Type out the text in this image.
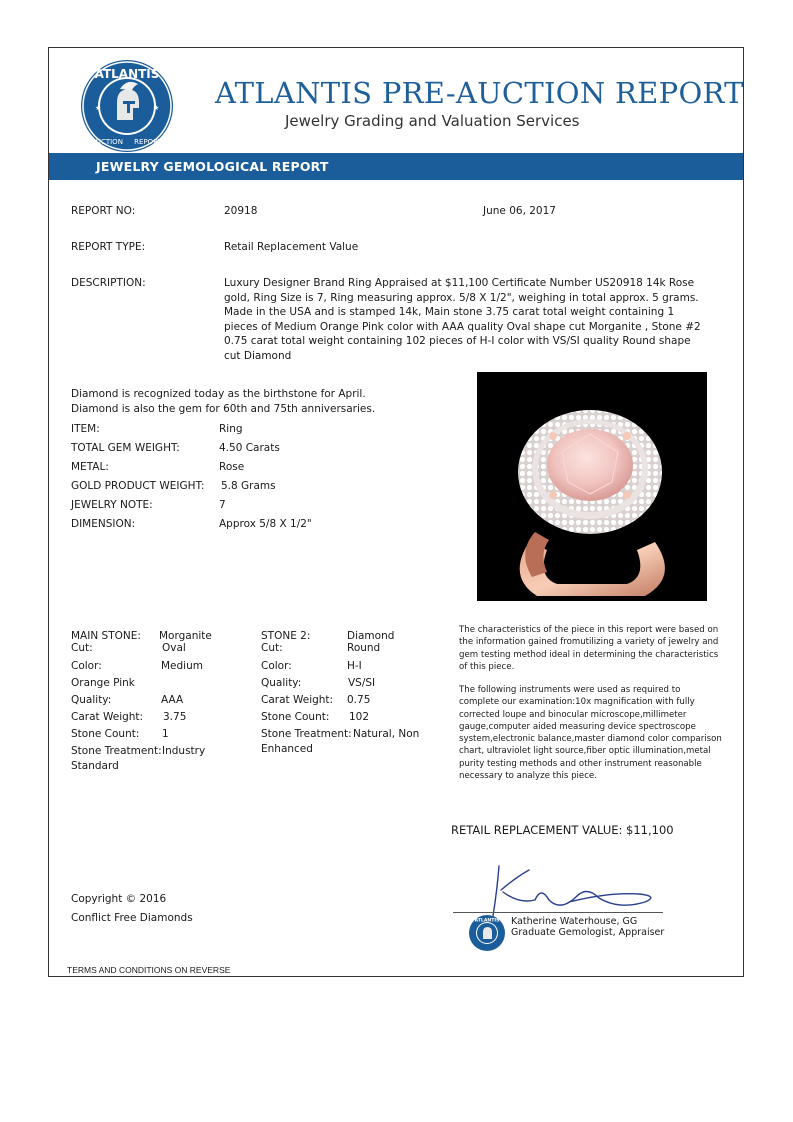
★	★
ATLANTIS
AUCTION REPORT
ATLANTIS PRE-AUCTION REPORT
Jewelry Grading and Valuation Services
JEWELRY GEMOLOGICAL REPORT
REPORT NO:	20918	June 06, 2017
REPORT TYPE:	Retail Replacement Value
DESCRIPTION:	Luxury Designer Brand Ring Appraised at $11,100 Certificate Number US20918 14k Rose gold, Ring Size is 7, Ring measuring approx. 5/8 X 1/2", weighing in total approx. 5 grams. Made in the USA and is stamped 14k, Main stone 3.75 carat total weight containing 1 pieces of Medium Orange Pink color with AAA quality Oval shape cut Morganite , Stone #2 0.75 carat total weight containing 102 pieces of H-I color with VS/SI quality Round shape cut Diamond
Diamond is recognized today as the birthstone for April.
Diamond is also the gem for 60th and 75th anniversaries.
ITEM:	Ring
TOTAL GEM WEIGHT:	4.50 Carats
METAL:	Rose
GOLD PRODUCT WEIGHT: 5.8 Grams
JEWELRY NOTE:	7
DIMENSION:	Approx 5/8 X 1/2"
MAIN STONE: Morganite
Cut:	Oval
Color:	Medium
Orange Pink
Quality:	AAA
Carat Weight: 3.75
Stone Count: 1
Stone Treatment: Industry
Standard
STONE 2:	Diamond
Cut:	Round
Color:	H-I
Quality:	VS/SI
Carat Weight: 0.75
Stone Count: 102
Stone Treatment: Natural, Non
Enhanced
The characteristics of the piece in this report were based on
the information gained fromutilizing a variety of jewelry and
gem testing method ideal in determining the characteristics
of this piece.
The following instruments were used as required to
complete our examination:10x magnification with fully
corrected loupe and binocular microscope,millimeter
gauge,computer aided measuring device spectroscope
system,electronic balance,master diamond color comparison
chart, ultraviolet light source,fiber optic illumination,metal
purity testing methods and other instrument reasonable
necessary to analyze this piece.
RETAIL REPLACEMENT VALUE: $11,100
Copyright © 2016
Conflict Free Diamonds	ATLANTIS Katherine Waterhouse, GG
Graduate Gemologist, Appraiser
TERMS AND CONDITIONS ON REVERSE
